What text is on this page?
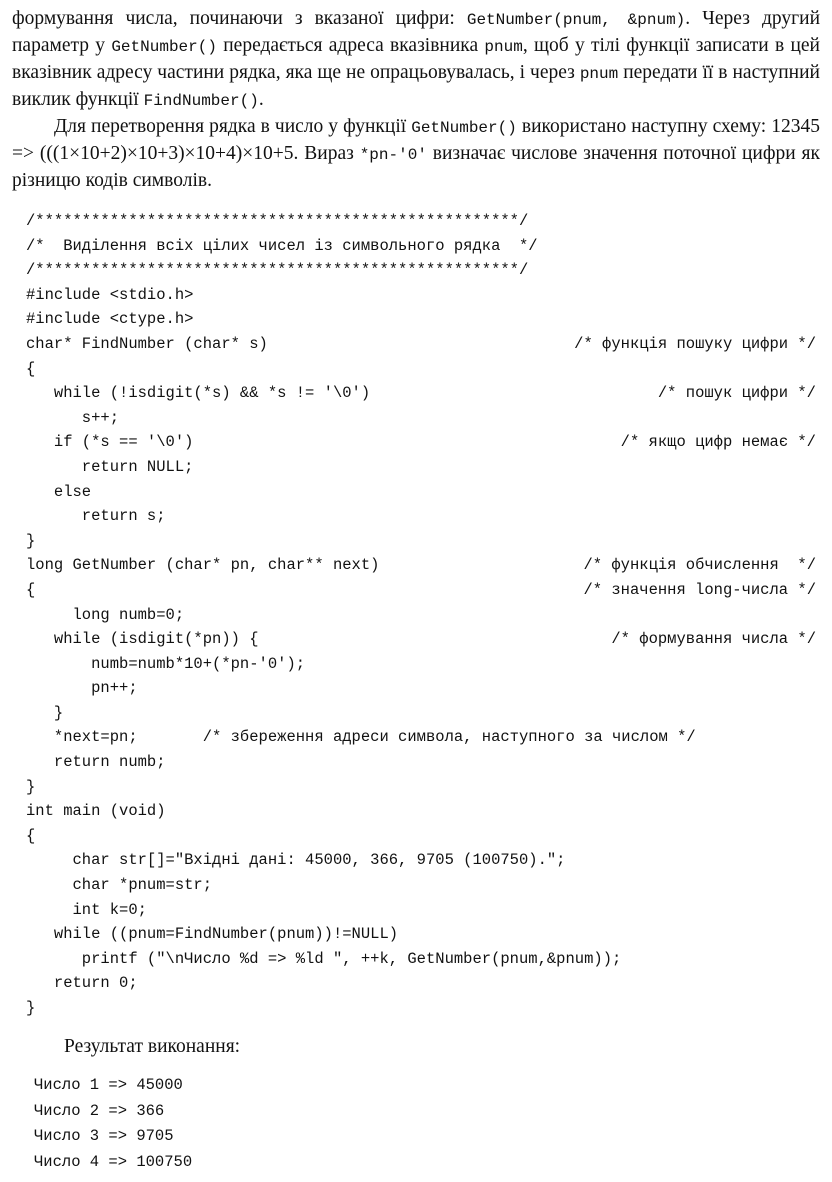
формування числа, починаючи з вказаної цифри: GetNumber(pnum, &pnum). Через другий параметр у GetNumber() передається адреса вказівника pnum, щоб у тілі функції записати в цей вказівник адресу частини рядка, яка ще не опрацьовувалась, і через pnum передати її в наступний виклик функції FindNumber().

Для перетворення рядка в число у функції GetNumber() використано наступну схему: 12345 => (((1×10+2)×10+3)×10+4)×10+5. Вираз *pn-'0' визначає числове значення поточної цифри як різницю кодів символів.

/****************************************************/
/*  Виділення всіх цілих чисел із символьного рядка  */
/****************************************************/
#include <stdio.h>
#include <ctype.h>
char* FindNumber (char* s)	/* функція пошуку цифри */
{
while (!isdigit(*s) && *s != '\0')	/* пошук цифри */
s++;
if (*s == '\0')	/* якщо цифр немає */
return NULL;
else
return s;
}
long GetNumber (char* pn, char** next)	/* функція обчислення  */
{	/* значення long-числа */
long numb=0;
while (isdigit(*pn)) {	/* формування числа */
numb=numb*10+(*pn-'0');
pn++;
}
*next=pn;       /* збереження адреси символа, наступного за числом */
return numb;
}
int main (void)
{
char str[]="Вхідні дані: 45000, 366, 9705 (100750).";
char *pnum=str;
int k=0;
while ((pnum=FindNumber(pnum))!=NULL)
printf ("\nЧисло %d => %ld ", ++k, GetNumber(pnum,&pnum));
return 0;
}
Результат виконання:
Число 1 => 45000
Число 2 => 366
Число 3 => 9705
Число 4 => 100750
